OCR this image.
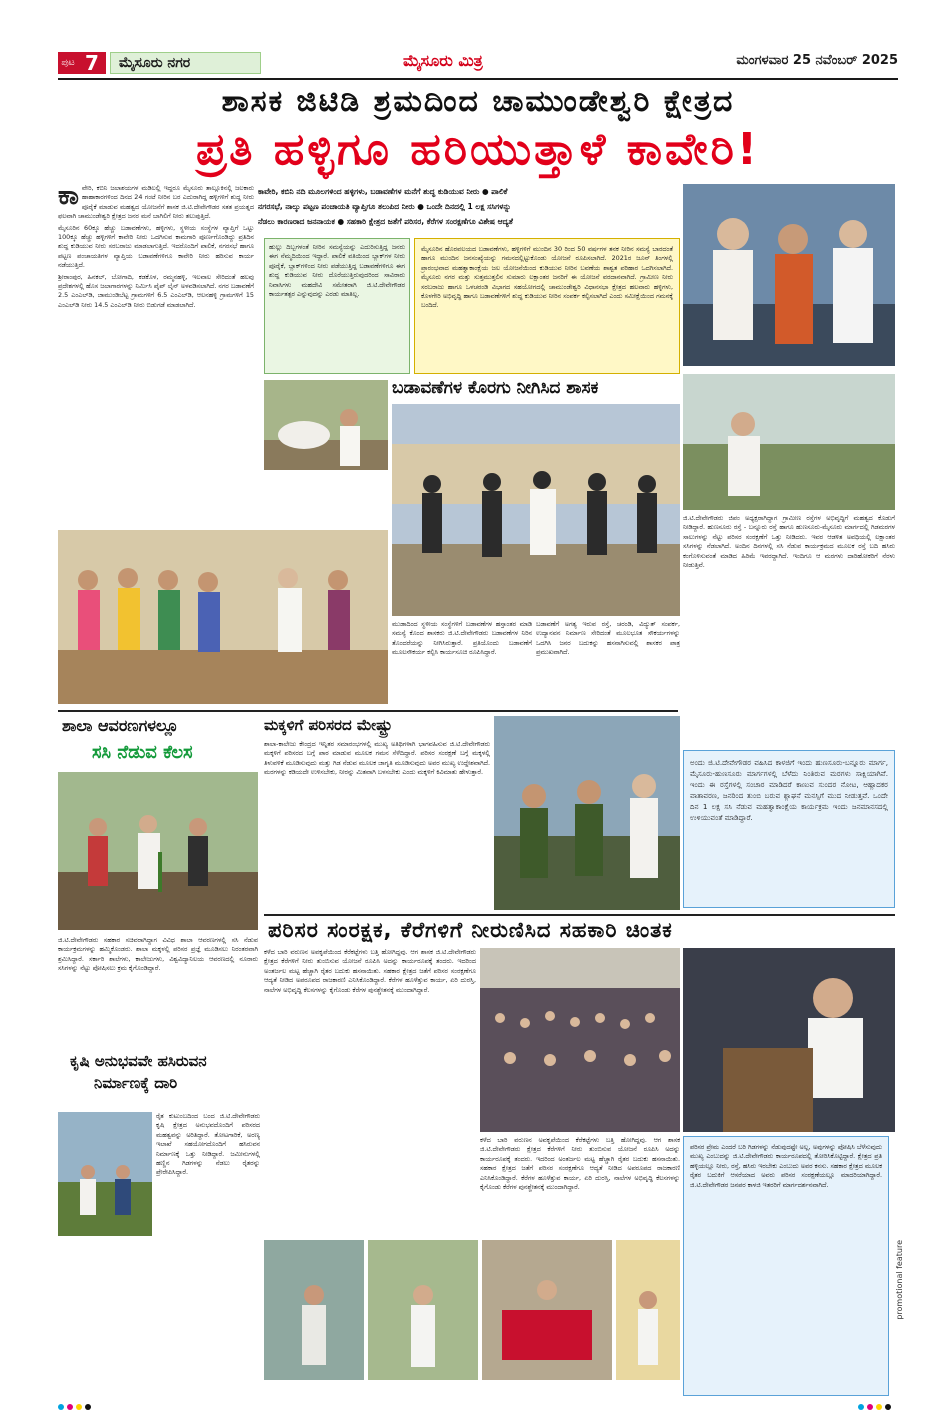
ಪುಟ 7	ಮೈಸೂರು ನಗರ	ಮೈಸೂರು ಮಿತ್ರ	ಮಂಗಳವಾರ 25 ನವೆಂಬರ್ 2025
ಶಾಸಕ ಜಿಟಿಡಿ ಶ್ರಮದಿಂದ ಚಾಮುಂಡೇಶ್ವರಿ ಕ್ಷೇತ್ರದ
ಪ್ರತಿ ಹಳ್ಳಿಗೂ ಹರಿಯುತ್ತಾಳೆ ಕಾವೇರಿ!

ಕಾವೇರಿ, ಕಬಿನಿ ಜಲಾಶಯಗಳ ಮಡಿಲಲ್ಲಿ ಇದ್ದರೂ ಮೈಸೂರು ತಾಲ್ಲೂಕಿನಲ್ಲಿ ಜಲಕಾರು ಹಾಹಾಕಾರಗಳಿಂದ ದಿನದ 24 ಗಂಟೆ ನೀರಿನ ಬರ ಎದುರಾಗಿದ್ದ ಹಳ್ಳಿಗಳಿಗೆ ಶುದ್ಧ ನೀರು ಪೂರೈಕೆ ಮಾಡುವ ಮಹತ್ವದ ಯೋಜನೆಗೆ ಶಾಸಕ ಜಿ.ಟಿ.ದೇವೇಗೌಡರ ಸತತ ಪ್ರಯತ್ನದ ಫಲವಾಗಿ ಚಾಮುಂಡೇಶ್ವರಿ ಕ್ಷೇತ್ರದ ಜನರ ಮನೆ ಬಾಗಿಲಿಗೆ ನೀರು ತಲುಪುತ್ತಿದೆ.

ಮೈಸೂರಿನ 60ಕ್ಕೂ ಹೆಚ್ಚು ಬಡಾವಣೆಗಳು, ಹಳ್ಳಿಗಳು, ಸ್ಥಳೀಯ ಸಂಸ್ಥೆಗಳ ವ್ಯಾಪ್ತಿಗೆ ಒಟ್ಟು 100ಕ್ಕೂ ಹೆಚ್ಚು ಹಳ್ಳಿಗಳಿಗೆ ಕಾವೇರಿ ನೀರು ಒದಗಿಸುವ ಕಾಮಗಾರಿ ಪೂರ್ಣಗೊಂಡಿದ್ದು ಪ್ರತಿದಿನ ಶುದ್ಧ ಕುಡಿಯುವ ನೀರು ಸರಬರಾಜು ಮಾಡಲಾಗುತ್ತಿದೆ. ಇದರೊಂದಿಗೆ ಪಾಲಿಕೆ, ನಗರಸಭೆ ಹಾಗೂ ಪಟ್ಟಣ ಪಂಚಾಯತಿಗಳ ವ್ಯಾಪ್ತಿಯ ಬಡಾವಣೆಗಳಿಗೂ ಕಾವೇರಿ ನೀರು ಹರಿಸುವ ಕಾರ್ಯ ನಡೆಯುತ್ತಿದೆ.

ಶ್ರೀರಾಂಪುರ, ಹಿನಕಲ್, ಬೋಗಾದಿ, ಕಡಕೊಳ, ರಮ್ಮನಹಳ್ಳಿ, ಇಲವಾಲ ಸೇರಿದಂತೆ ಹಲವು ಪ್ರದೇಶಗಳಲ್ಲಿ ಹೊಸ ಜಲಾಗಾರಗಳನ್ನು ನಿರ್ಮಿಸಿ ಪೈಪ್ ಲೈನ್ ಅಳವಡಿಸಲಾಗಿದೆ. ನಗರ ಬಡಾವಣೆಗೆ 2.5 ಎಂಎಲ್‌ಡಿ, ಜಾಮುಂಡಿಬೆಟ್ಟ ಗ್ರಾಮಗಳಿಗೆ 6.5 ಎಂಎಲ್‌ಡಿ, ಆಲನಹಳ್ಳಿ ಗ್ರಾಮಗಳಿಗೆ 15 ಎಂಎಲ್‌ಡಿ ನೀರು 14.5 ಎಂಎಲ್‌ಡಿ ನೀರು ಬಿಡುಗಡೆ ಮಾಡಲಾಗಿದೆ.

ಕಾವೇರಿ, ಕಬಿನಿ ನದಿ ಮೂಲಗಳಿಂದ ಹಳ್ಳಿಗಳು, ಬಡಾವಣೆಗಳ ಮನೆಗೆ ಶುದ್ಧ ಕುಡಿಯುವ ನೀರು ● ಪಾಲಿಕೆ
ನಗರಸಭೆ, ನಾಲ್ಕು ಪಟ್ಟಣ ಪಂಚಾಯತಿ ವ್ಯಾಪ್ತಿಗೂ ತಲುಪಿದ ನೀರು ● ಒಂದೇ ದಿನದಲ್ಲಿ 1 ಲಕ್ಷ ಸಸಿಗಳನ್ನು
ನೆಡಲು ಕಾರಣರಾದ ಜನನಾಯಕ ● ಸಹಕಾರಿ ಕ್ಷೇತ್ರದ ಜತೆಗೆ ಪರಿಸರ, ಕೆರೆಗಳ ಸಂರಕ್ಷಣೆಗೂ ವಿಶೇಷ ಆದ್ಯತೆ
ಹುಲ್ಲು ದಿಬ್ಬಗಳಂತೆ ನೀರಿನ ಸಮಸ್ಯೆಯನ್ನು ಎದುರಿಸುತ್ತಿದ್ದ ಜನರು ಈಗ ನೆಮ್ಮದಿಯಿಂದ ಇದ್ದಾರೆ. ಪಾಲಿಕೆ ವತಿಯಿಂದ ಬ್ಲಾಕ್‌ಗಳ ನೀರು ಪೂರೈಕೆ, ಬ್ಲಾಕ್‌ಗಳಿಂದ ನೀರು ಪಡೆಯುತ್ತಿದ್ದ ಬಡಾವಣೆಗಳಿಗೂ ಈಗ ಶುದ್ಧ ಕುಡಿಯುವ ನೀರು ದೊರೆಯುತ್ತಿರುವುದರಿಂದ ಸಾವಿರಾರು ನಿವಾಸಿಗಳು ಮಹದೇವಿ ಸಮೇತರಾಗಿ ಜಿ.ಟಿ.ದೇವೇಗೌಡರ ಕಾರ್ಯತತ್ಪರ ಎನ್ನುವುದನ್ನು ಎರಡು ಮಾತಿಲ್ಲ.
ಮೈಸೂರಿನ ಹೊರವಲಯದ ಬಡಾವಣೆಗಳು, ಹಳ್ಳಿಗಳಿಗೆ ಮುಂದಿನ 30 ರಿಂದ 50 ವರ್ಷಗಳ ತನಕ ನೀರಿನ ಸಮಸ್ಯೆ ಬಾರದಂತೆ ಹಾಗೂ ಮುಂದಿನ ಜನಸಂಖ್ಯೆಯನ್ನು ಗಮನದಲ್ಲಿಟ್ಟುಕೊಂಡು ಯೋಜನೆ ರೂಪಿಸಲಾಗಿದೆ. 2021ರ ಜೂನ್ ತಿಂಗಳಲ್ಲಿ ಪ್ರಾರಂಭವಾದ ಮಹತ್ವಾಕಾಂಕ್ಷೆಯ ಜಲ ಯೋಜನೆಯಿಂದ ಕುಡಿಯುವ ನೀರಿನ ಬವಣೆಯ ಶಾಶ್ವತ ಪರಿಹಾರ ಒದಗಿಸಲಾಗಿದೆ. ಮೈಸೂರು ನಗರ ಮತ್ತು ಸುತ್ತಮುತ್ತಲಿನ ಸುಮಾರು ಲಕ್ಷಾಂತರ ಜನರಿಗೆ ಈ ಯೋಜನೆ ವರದಾನವಾಗಿದೆ. ಗ್ರಾಮೀಣ ನೀರು ಸರಬರಾಜು ಹಾಗೂ ಒಳಚರಂಡಿ ವಿಭಾಗದ ಸಹಯೋಗದಲ್ಲಿ ಚಾಮುಂಡೇಶ್ವರಿ ವಿಧಾನಸಭಾ ಕ್ಷೇತ್ರದ ಹಲವಾರು ಹಳ್ಳಿಗಳು, ಕೊಳಗೇರಿ ಅಭಿವೃದ್ಧಿ ಹಾಗೂ ಬಡಾವಣೆಗಳಿಗೆ ಶುದ್ಧ ಕುಡಿಯುವ ನೀರಿನ ಸಂಪರ್ಕ ಕಲ್ಪಿಸಲಾಗಿದೆ ಎಂದು ಸಮೀಕ್ಷೆಯಿಂದ ಗಮನಕ್ಕೆ ಬಂದಿದೆ.
ಬಡಾವಣೆಗಳ ಕೊರಗು ನೀಗಿಸಿದ ಶಾಸಕ
ಜಿ.ಟಿ.ದೇವೇಗೌಡರು ಜಿಪಂ ಅಧ್ಯಕ್ಷರಾಗಿದ್ದಾಗ ಗ್ರಾಮೀಣ ರಸ್ತೆಗಳ ಅಭಿವೃದ್ಧಿಗೆ ಮಹತ್ವದ ಕೊಡುಗೆ ನೀಡಿದ್ದಾರೆ. ಹುಣಸೂರು ರಸ್ತೆ - ಬನ್ನೂರು ರಸ್ತೆ ಹಾಗೂ ಹುಣಸೂರು-ಮೈಸೂರು ಮಾರ್ಗದಲ್ಲಿ ಗಿಡಮರಗಳ ಸಾಲುಗಳನ್ನು ನೆಟ್ಟು ಪರಿಸರ ಸಂರಕ್ಷಣೆಗೆ ಒತ್ತು ನೀಡಿದರು. ಇವರ ಆಡಳಿತ ಅವಧಿಯಲ್ಲಿ ಲಕ್ಷಾಂತರ ಸಸಿಗಳನ್ನು ನೆಡಲಾಗಿದೆ. ಅಂದಿನ ದಿನಗಳಲ್ಲಿ ಸಸಿ ನೆಡುವ ಕಾರ್ಯಕ್ರಮದ ಮೂಲಕ ರಸ್ತೆ ಬದಿ ಹಸಿರು ಕಂಗೊಳಿಸುವಂತೆ ಮಾಡಿದ ಹಿರಿಮೆ ಇವರದ್ದಾಗಿದೆ. ಇಂದಿಗೂ ಆ ಮರಗಳು ದಾರಿಹೋಕರಿಗೆ ನೆರಳು ನೀಡುತ್ತಿವೆ.
ಮುಡಾದಿಂದ ಸ್ಥಳೀಯ ಸಂಸ್ಥೆಗಳಿಗೆ ಬಡಾವಣೆಗಳ ಹಸ್ತಾಂತರ ಮಾಡಿ ಸಮಸ್ಯೆ ಕೊಂದ ಶಾಸಕರು ಜಿ.ಟಿ.ದೇವೇಗೌಡರು ಬಡಾವಣೆಗಳ ನಿರಿನ ತೊಂದರೆಯನ್ನು ನೀಗಿಸಿರುತ್ತಾರೆ. ಪ್ರತಿಯೊಂದು ಬಡಾವಣೆಗೆ ಮೂಲಸೌಕರ್ಯ ಕಲ್ಪಿಸಿ ಕಾರ್ಯಸೂಚಿ ರೂಪಿಸಿದ್ದಾರೆ.
ಬಡಾವಣೆಗೆ ಅಗತ್ಯ ಇರುವ ರಸ್ತೆ, ಚರಂಡಿ, ವಿದ್ಯುತ್ ಸಂಪರ್ಕ, ಉದ್ಯಾನವನ ನಿರ್ಮಾಣ ಸೇರಿದಂತೆ ಮೂಲಭೂತ ಸೌಕರ್ಯಗಳನ್ನು ಒದಗಿಸಿ ಜನರ ಬದುಕನ್ನು ಹಸನಾಗಿಸುವಲ್ಲಿ ಶಾಸಕರ ಪಾತ್ರ ಪ್ರಮುಖವಾಗಿದೆ.
ಅಂದು ಜಿ.ಟಿ.ದೇವೇಗೌಡರ ವಹಿಸಿದ ಕಾಳಜಿಗೆ ಇಂದು ಹುಣಸೂರು-ಬನ್ನೂರು ಮಾರ್ಗ, ಮೈಸೂರು-ಹುಣಸೂರು ಮಾರ್ಗಗಳಲ್ಲಿ ಬೆಳೆದು ನಿಂತಿರುವ ಮರಗಳು ಸಾಕ್ಷಿಯಾಗಿವೆ. ಇಂದು ಈ ರಸ್ತೆಗಳಲ್ಲಿ ಸಂಚಾರ ಮಾಡಿದರೆ ಕಾಣುವ ಸುಂದರ ನೋಟ, ಆಹ್ಲಾದಕರ ವಾತಾವರಣ, ಜನರಿಂದ ತುಂಬಿ ಬರುವ ಶ್ಲಾಘನೆ ಮನಸ್ಸಿಗೆ ಮುದ ನೀಡುತ್ತವೆ. ಒಂದೇ ದಿನ 1 ಲಕ್ಷ ಸಸಿ ನೆಡುವ ಮಹತ್ವಾಕಾಂಕ್ಷೆಯ ಕಾರ್ಯಕ್ರಮ ಇಂದು ಜನಮಾನಸದಲ್ಲಿ ಉಳಿಯುವಂತೆ ಮಾಡಿದ್ದಾರೆ.
ಶಾಲಾ ಆವರಣಗಳಲ್ಲೂ
ಸಸಿ ನೆಡುವ ಕೆಲಸ
ಜಿ.ಟಿ.ದೇವೇಗೌಡರು ಸಹಕಾರ ಸಚಿವರಾಗಿದ್ದಾಗ ವಿವಿಧ ಶಾಲಾ ಆವರಣಗಳಲ್ಲಿ ಸಸಿ ನೆಡುವ ಕಾರ್ಯಕ್ರಮಗಳನ್ನು ಹಮ್ಮಿಕೊಂಡರು. ಶಾಲಾ ಮಕ್ಕಳಲ್ಲಿ ಪರಿಸರ ಪ್ರಜ್ಞೆ ಮೂಡಿಸಲು ನಿರಂತರವಾಗಿ ಶ್ರಮಿಸಿದ್ದಾರೆ. ಸರ್ಕಾರಿ ಶಾಲೆಗಳು, ಕಾಲೇಜುಗಳು, ವಿಶ್ವವಿದ್ಯಾನಿಲಯ ಆವರಣದಲ್ಲಿ ನೂರಾರು ಸಸಿಗಳನ್ನು ನೆಟ್ಟು ಪೋಷಿಸಲು ಕ್ರಮ ಕೈಗೊಂಡಿದ್ದಾರೆ.
ಮಕ್ಕಳಿಗೆ ಪರಿಸರದ ಮೇಷ್ಟ್ರು
ಶಾಲಾ-ಕಾಲೇಜು ಕೇಂದ್ರದ ಇನ್ನಿತರ ಸಮಾರಂಭಗಳಲ್ಲಿ ಮುಖ್ಯ ಅತಿಥಿಗಳಾಗಿ ಭಾಗವಹಿಸುವ ಜಿ.ಟಿ.ದೇವೇಗೌಡರು ಮಕ್ಕಳಿಗೆ ಪರಿಸರದ ಬಗ್ಗೆ ಪಾಠ ಮಾಡುವ ಮೂಲಕ ಗಮನ ಸೆಳೆದಿದ್ದಾರೆ. ಪರಿಸರ ಸಂರಕ್ಷಣೆ ಬಗ್ಗೆ ಮಕ್ಕಳಲ್ಲಿ ತಿಳುವಳಿಕೆ ಮೂಡಿಸುವುದು ಮತ್ತು ಗಿಡ ನೆಡುವ ಮೂಲಕ ಜಾಗೃತಿ ಮೂಡಿಸುವುದು ಅವರ ಮುಖ್ಯ ಉದ್ದೇಶವಾಗಿದೆ. ಮರಗಳನ್ನು ಕಡಿಯದೇ ಉಳಿಸಬೇಕು, ನೀರನ್ನು ಮಿತವಾಗಿ ಬಳಸಬೇಕು ಎಂದು ಮಕ್ಕಳಿಗೆ ಕಿವಿಮಾತು ಹೇಳುತ್ತಾರೆ.
ಪರಿಸರ ಸಂರಕ್ಷಕ, ಕೆರೆಗಳಿಗೆ ನೀರುಣಿಸಿದ ಸಹಕಾರಿ ಚಿಂತಕ
ಕಳೆದ ಬಾರಿ ವರುಣನ ಅವಕೃಪೆಯಿಂದ ಕೆರೆಕಟ್ಟೆಗಳು ಬತ್ತಿ ಹೋಗಿದ್ದವು. ಆಗ ಶಾಸಕ ಜಿ.ಟಿ.ದೇವೇಗೌಡರು ಕ್ಷೇತ್ರದ ಕೆರೆಗಳಿಗೆ ನೀರು ತುಂಬಿಸುವ ಯೋಜನೆ ರೂಪಿಸಿ ಅದನ್ನು ಕಾರ್ಯರೂಪಕ್ಕೆ ತಂದರು. ಇದರಿಂದ ಅಂತರ್ಜಲ ಮಟ್ಟ ಹೆಚ್ಚಾಗಿ ರೈತರ ಬದುಕು ಹಸನಾಯಿತು. ಸಹಕಾರ ಕ್ಷೇತ್ರದ ಜತೆಗೆ ಪರಿಸರ ಸಂರಕ್ಷಣೆಗೂ ಆದ್ಯತೆ ನೀಡಿದ ಅಪರೂಪದ ರಾಜಕಾರಣಿ ಎನಿಸಿಕೊಂಡಿದ್ದಾರೆ. ಕೆರೆಗಳ ಹೂಳೆತ್ತುವ ಕಾರ್ಯ, ಏರಿ ದುರಸ್ತಿ, ನಾಲೆಗಳ ಅಭಿವೃದ್ಧಿ ಕೆಲಸಗಳನ್ನು ಕೈಗೊಂಡು ಕೆರೆಗಳ ಪುನಶ್ಚೇತನಕ್ಕೆ ಮುಂದಾಗಿದ್ದಾರೆ.
ಕಳೆದ ಬಾರಿ ವರುಣನ ಅವಕೃಪೆಯಿಂದ ಕೆರೆಕಟ್ಟೆಗಳು ಬತ್ತಿ ಹೋಗಿದ್ದವು. ಆಗ ಶಾಸಕ ಜಿ.ಟಿ.ದೇವೇಗೌಡರು ಕ್ಷೇತ್ರದ ಕೆರೆಗಳಿಗೆ ನೀರು ತುಂಬಿಸುವ ಯೋಜನೆ ರೂಪಿಸಿ ಅದನ್ನು ಕಾರ್ಯರೂಪಕ್ಕೆ ತಂದರು. ಇದರಿಂದ ಅಂತರ್ಜಲ ಮಟ್ಟ ಹೆಚ್ಚಾಗಿ ರೈತರ ಬದುಕು ಹಸನಾಯಿತು. ಸಹಕಾರ ಕ್ಷೇತ್ರದ ಜತೆಗೆ ಪರಿಸರ ಸಂರಕ್ಷಣೆಗೂ ಆದ್ಯತೆ ನೀಡಿದ ಅಪರೂಪದ ರಾಜಕಾರಣಿ ಎನಿಸಿಕೊಂಡಿದ್ದಾರೆ. ಕೆರೆಗಳ ಹೂಳೆತ್ತುವ ಕಾರ್ಯ, ಏರಿ ದುರಸ್ತಿ, ನಾಲೆಗಳ ಅಭಿವೃದ್ಧಿ ಕೆಲಸಗಳನ್ನು ಕೈಗೊಂಡು ಕೆರೆಗಳ ಪುನಶ್ಚೇತನಕ್ಕೆ ಮುಂದಾಗಿದ್ದಾರೆ.
ಕೃಷಿ ಅನುಭವವೇ ಹಸಿರುವನ
ನಿರ್ಮಾಣಕ್ಕೆ ದಾರಿ
ರೈತ ಕುಟುಂಬದಿಂದ ಬಂದ ಜಿ.ಟಿ.ದೇವೇಗೌಡರು ಕೃಷಿ ಕ್ಷೇತ್ರದ ಅನುಭವದೊಂದಿಗೆ ಪರಿಸರದ ಮಹತ್ವವನ್ನು ಅರಿತಿದ್ದಾರೆ. ತೋಟಗಾರಿಕೆ, ಅರಣ್ಯ ಇಲಾಖೆ ಸಹಯೋಗದೊಂದಿಗೆ ಹಸಿರುವನ ನಿರ್ಮಾಣಕ್ಕೆ ಒತ್ತು ನೀಡಿದ್ದಾರೆ. ಜಮೀನುಗಳಲ್ಲಿ ಹಣ್ಣಿನ ಗಿಡಗಳನ್ನು ನೆಡಲು ರೈತರನ್ನು ಪ್ರೇರೇಪಿಸಿದ್ದಾರೆ.
ಪರಿಸರ ಪ್ರೇಮ ಎಂದರೆ ಬರಿ ಗಿಡಗಳನ್ನು ನೆಡುವುದಷ್ಟೇ ಅಲ್ಲ, ಅವುಗಳನ್ನು ಪೋಷಿಸಿ ಬೆಳೆಸುವುದು ಮುಖ್ಯ ಎಂಬುದನ್ನು ಜಿ.ಟಿ.ದೇವೇಗೌಡರು ಕಾರ್ಯರೂಪದಲ್ಲಿ ತೋರಿಸಿಕೊಟ್ಟಿದ್ದಾರೆ. ಕ್ಷೇತ್ರದ ಪ್ರತಿ ಹಳ್ಳಿಯಲ್ಲೂ ನೀರು, ರಸ್ತೆ, ಹಸಿರು ಇರಬೇಕು ಎಂಬುದು ಅವರ ಕನಸು. ಸಹಕಾರ ಕ್ಷೇತ್ರದ ಮೂಲಕ ರೈತರ ಬದುಕಿಗೆ ಆಸರೆಯಾದ ಅವರು ಪರಿಸರ ಸಂರಕ್ಷಣೆಯಲ್ಲೂ ಮಾದರಿಯಾಗಿದ್ದಾರೆ. ಜಿ.ಟಿ.ದೇವೇಗೌಡರ ಜನಪರ ಕಾಳಜಿ ಇತರರಿಗೆ ಮಾರ್ಗದರ್ಶನವಾಗಿದೆ.
promotional feature
